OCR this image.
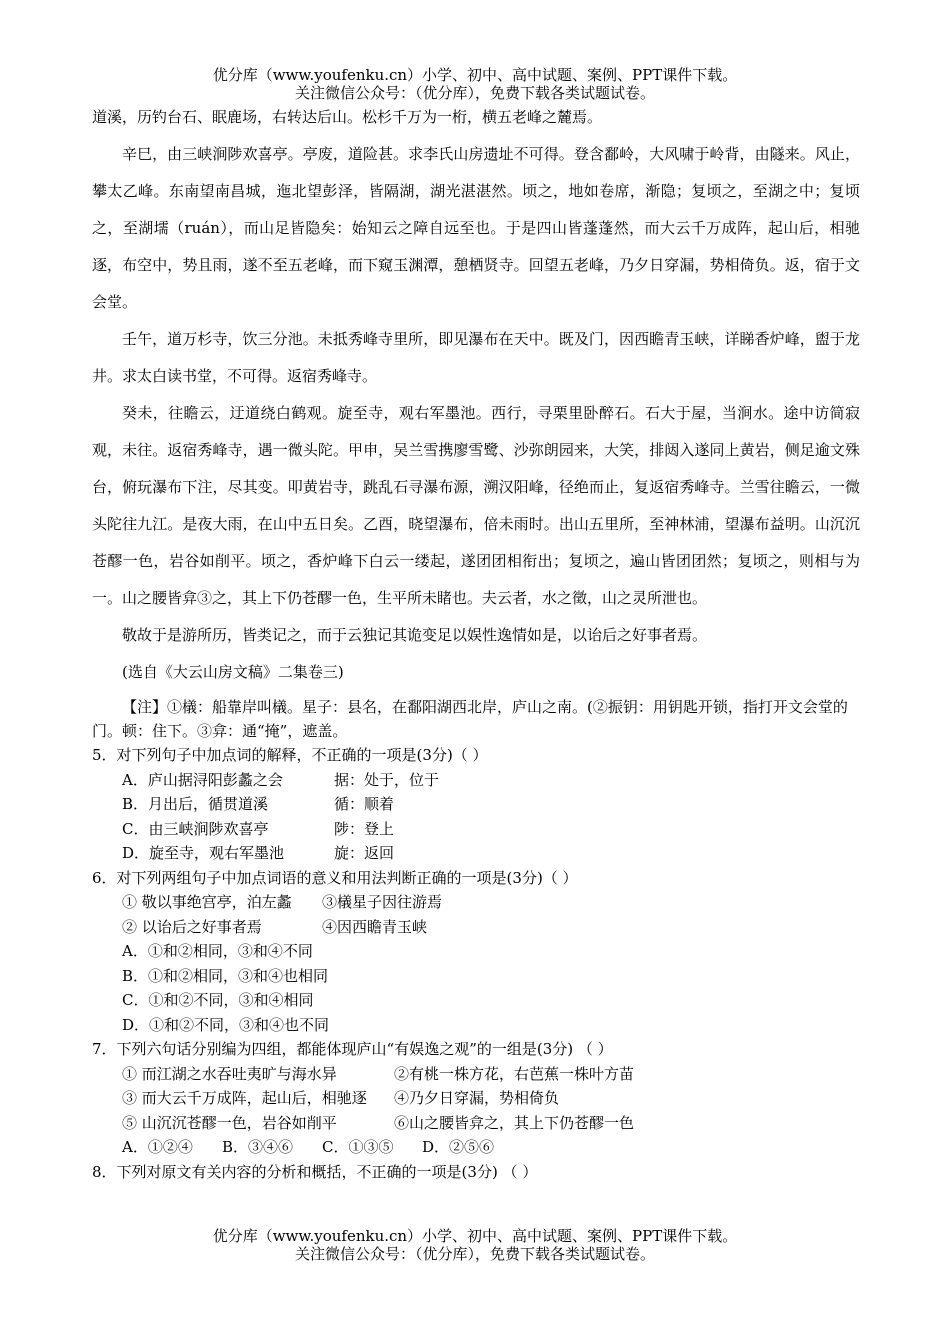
优分库（www.youfenku.cn）小学、初中、高中试题、案例、PPT课件下载。
关注微信公众号：（优分库），免费下载各类试题试卷。

道溪，历钓台石、眠鹿场，右转达后山。松杉千万为一桁，横五老峰之麓焉。

辛巳，由三峡涧陟欢喜亭。亭废，道险甚。求李氏山房遗址不可得。登含鄱岭，大风啸于岭背，由隧来。风止，攀太乙峰。东南望南昌城，迤北望彭泽，皆隔湖，湖光湛湛然。顷之，地如卷席，渐隐；复顷之，至湖之中；复顷之，至湖壖（ruán），而山足皆隐矣：始知云之障自远至也。于是四山皆蓬蓬然，而大云千万成阵，起山后，相驰逐，布空中，势且雨，遂不至五老峰，而下窥玉渊潭，憩栖贤寺。回望五老峰，乃夕日穿漏，势相倚负。返，宿于文会堂。

壬午，道万杉寺，饮三分池。未抵秀峰寺里所，即见瀑布在天中。既及门，因西瞻青玉峡，详睇香炉峰，盥于龙井。求太白读书堂，不可得。返宿秀峰寺。

癸未，往瞻云，迂道绕白鹤观。旋至寺，观右军墨池。西行，寻栗里卧醉石。石大于屋，当涧水。途中访简寂观，未往。返宿秀峰寺，遇一微头陀。甲申，吴兰雪携廖雪鹭、沙弥朗园来，大笑，排闼入遂同上黄岩，侧足逾文殊台，俯玩瀑布下注，尽其变。叩黄岩寺，跳乱石寻瀑布源，溯汉阳峰，径绝而止，复返宿秀峰寺。兰雪往瞻云，一微头陀往九江。是夜大雨，在山中五日矣。乙酉，晓望瀑布，倍未雨时。出山五里所，至神林浦，望瀑布益明。山沉沉苍醪一色，岩谷如削平。顷之，香炉峰下白云一缕起，遂团团相衔出；复顷之，遍山皆团团然；复顷之，则相与为一。山之腰皆弇③之，其上下仍苍醪一色，生平所未睹也。夫云者，水之徵，山之灵所泄也。

敬故于是游所历，皆类记之，而于云独记其诡变足以娱性逸情如是，以诒后之好事者焉。

(选自《大云山房文稿》二集卷三)

【注】①檥：船靠岸叫檥。星子：县名，在鄱阳湖西北岸，庐山之南。(②振钥：用钥匙开锁，指打开文会堂的门。顿：住下。③弇：通“掩”，遮盖。

5．对下列句子中加点词的解释，不正确的一项是(3分)（ ）
A．庐山据浔阳彭蠡之会	据：处于，位于
B．月出后，循贯道溪	循：顺着
C．由三峡涧陟欢喜亭	陟：登上
D．旋至寺，观右军墨池	旋：返回
6．对下列两组句子中加点词语的意义和用法判断正确的一项是(3分)（ ）
① 敬以事绝宫亭，泊左蠡	③檥星子因往游焉
② 以诒后之好事者焉	④因西瞻青玉峡
A．①和②相同，③和④不同
B．①和②相同，③和④也相同
C．①和②不同，③和④相同
D．①和②不同，③和④也不同
7．下列六句话分别编为四组，都能体现庐山“有娱逸之观”的一组是(3分) （ ）
① 而江湖之水吞吐夷旷与海水异	②有桃一株方花，右芭蕉一株叶方苗
③ 而大云千万成阵，起山后，相驰逐	④乃夕日穿漏，势相倚负
⑤ 山沉沉苍醪一色，岩谷如削平	⑥山之腰皆弇之，其上下仍苍醪一色
A．①②④ B．③④⑥ C．①③⑤ D．②⑤⑥
8．下列对原文有关内容的分析和概括，不正确的一项是(3分) （ ）
优分库（www.youfenku.cn）小学、初中、高中试题、案例、PPT课件下载。
关注微信公众号：（优分库），免费下载各类试题试卷。
